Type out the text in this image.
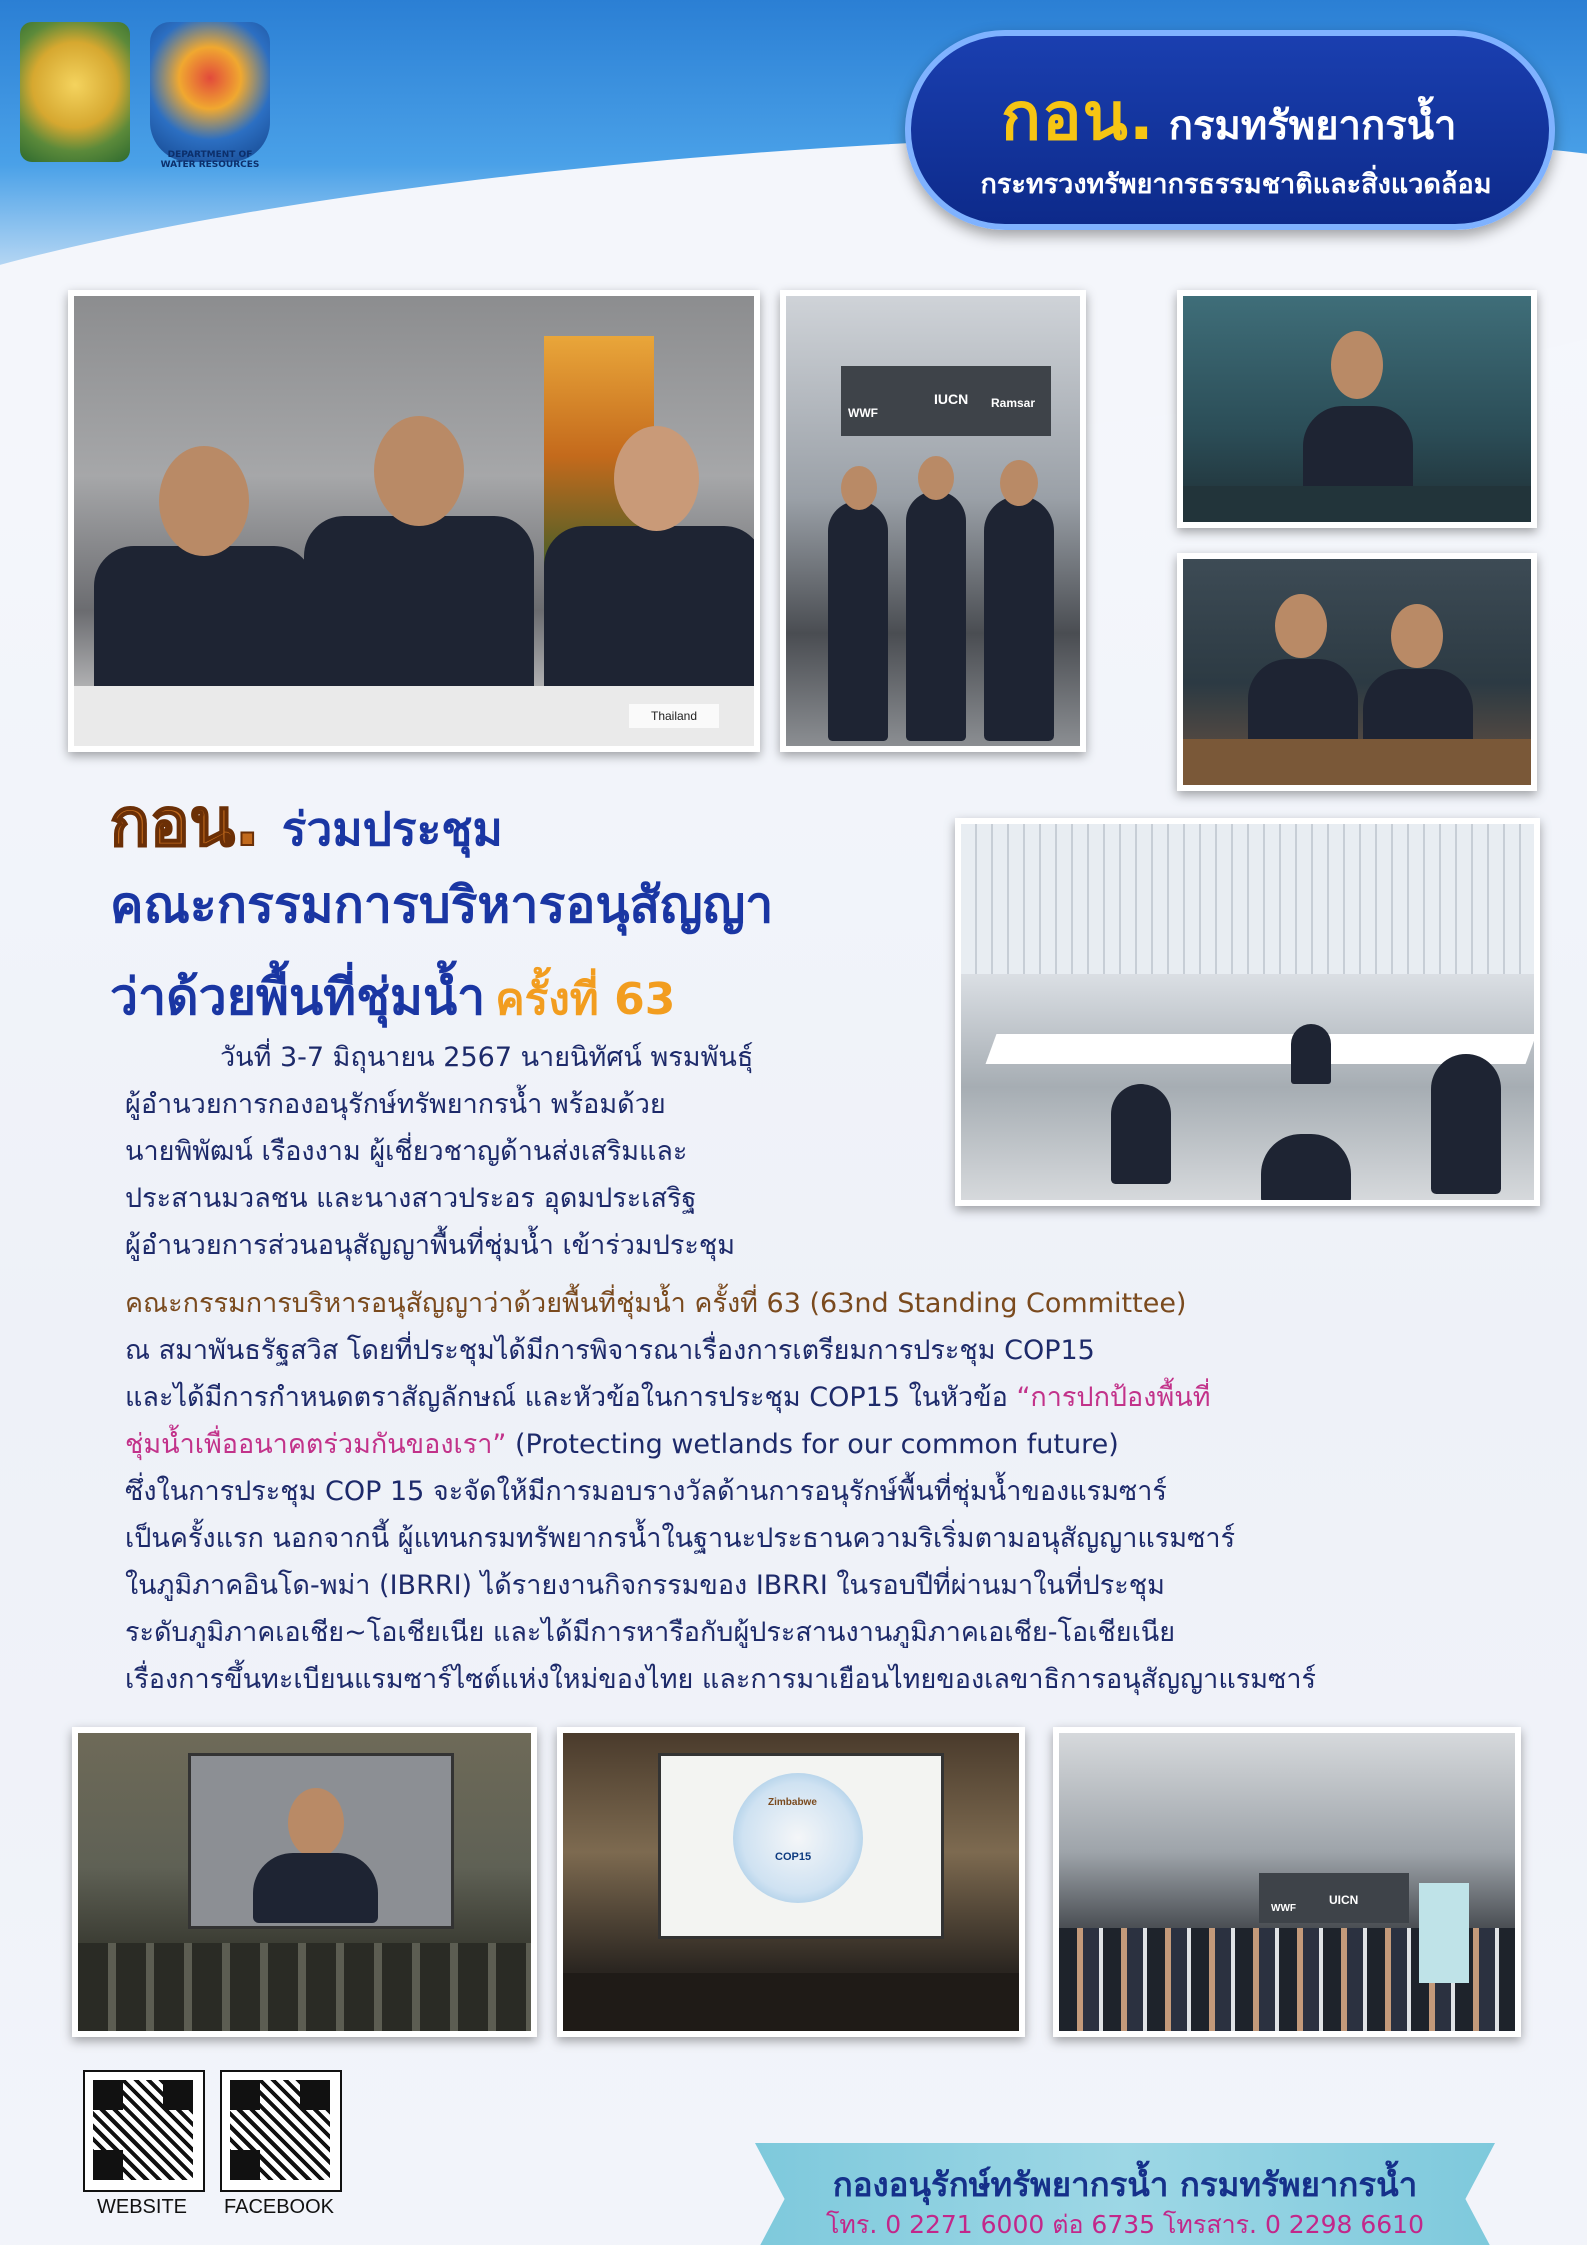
DEPARTMENT OF WATER RESOURCES
กอน. กรมทรัพยากรน้ำ
กระทรวงทรัพยากรธรรมชาติและสิ่งแวดล้อม
Thailand
WWF
IUCN Ramsar
กอน. ร่วมประชุม
คณะกรรมการบริหารอนุสัญญา
ว่าด้วยพื้นที่ชุ่มน้ำ ครั้งที่ 63
วันที่ 3-7 มิถุนายน 2567 นายนิทัศน์ พรมพันธุ์
ผู้อำนวยการกองอนุรักษ์ทรัพยากรน้ำ พร้อมด้วย
นายพิพัฒน์ เรืองงาม ผู้เชี่ยวชาญด้านส่งเสริมและ
ประสานมวลชน และนางสาวประอร อุดมประเสริฐ
ผู้อำนวยการส่วนอนุสัญญาพื้นที่ชุ่มน้ำ เข้าร่วมประชุม
คณะกรรมการบริหารอนุสัญญาว่าด้วยพื้นที่ชุ่มน้ำ ครั้งที่ 63 (63nd Standing Committee)
ณ สมาพันธรัฐสวิส โดยที่ประชุมได้มีการพิจารณาเรื่องการเตรียมการประชุม COP15
และได้มีการกำหนดตราสัญลักษณ์ และหัวข้อในการประชุม COP15 ในหัวข้อ “การปกป้องพื้นที่
ชุ่มน้ำเพื่ออนาคตร่วมกันของเรา” (Protecting wetlands for our common future)
ซึ่งในการประชุม COP 15 จะจัดให้มีการมอบรางวัลด้านการอนุรักษ์พื้นที่ชุ่มน้ำของแรมซาร์
เป็นครั้งแรก นอกจากนี้ ผู้แทนกรมทรัพยากรน้ำในฐานะประธานความริเริ่มตามอนุสัญญาแรมซาร์
ในภูมิภาคอินโด-พม่า (IBRRI) ได้รายงานกิจกรรมของ IBRRI ในรอบปีที่ผ่านมาในที่ประชุม
ระดับภูมิภาคเอเชีย~โอเชียเนีย และได้มีการหารือกับผู้ประสานงานภูมิภาคเอเชีย-โอเชียเนีย
เรื่องการขึ้นทะเบียนแรมซาร์ไซต์แห่งใหม่ของไทย และการมาเยือนไทยของเลขาธิการอนุสัญญาแรมซาร์
COP15
Zimbabwe
WWF
UICN
WEBSITE	FACEBOOK
กองอนุรักษ์ทรัพยากรน้ำ กรมทรัพยากรน้ำ
โทร. 0 2271 6000 ต่อ 6735 โทรสาร. 0 2298 6610
